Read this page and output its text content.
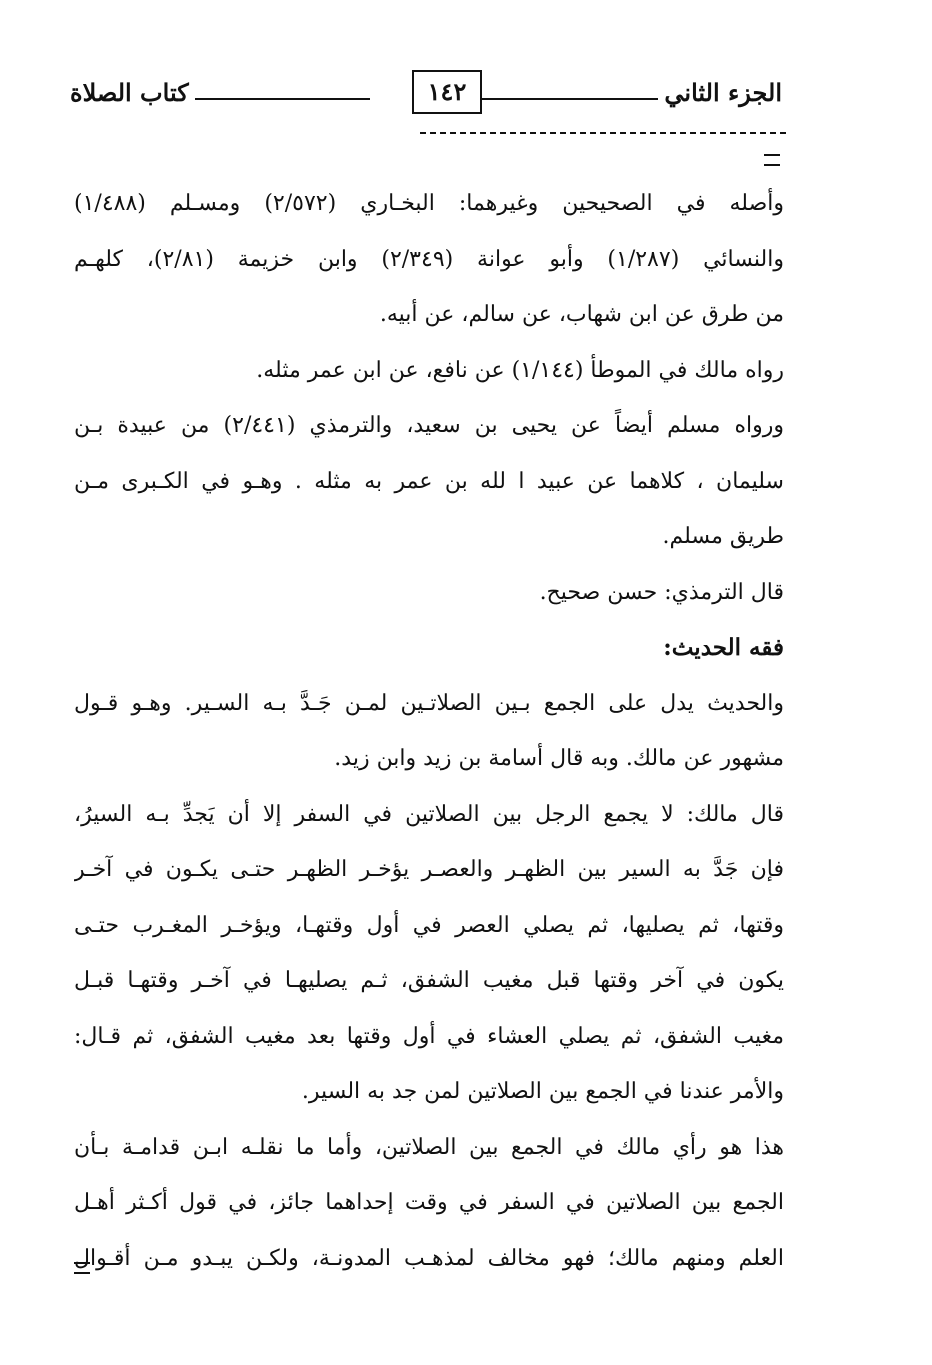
الجزء الثاني
١٤٢
كتاب الصلاة
وأصله في الصحيحين وغيرهما: البخـاري (٢/٥٧٢) ومسـلم (١/٤٨٨)
والنسائي (١/٢٨٧) وأبو عوانة (٢/٣٤٩) وابن خزيمة (٢/٨١)، كلهـم
من طرق عن ابن شهاب، عن سالم، عن أبيه.
رواه مالك في الموطأ (١/١٤٤) عن نافع، عن ابن عمر مثله.
ورواه مسلم أيضاً عن يحيى بن سعيد، والترمذي (٢/٤٤١) من عبيدة بـن
سليمان ، كلاهما عن عبيد ا لله بن عمر به مثله . وهـو في الكـبرى مـن
طريق مسلم.
قال الترمذي: حسن صحيح.
فقه الحديث:
والحديث يدل على الجمع بـين الصلاتـين لمـن جَـدَّ بـه السـير. وهـو قـول
مشهور عن مالك. وبه قال أسامة بن زيد وابن زيد.
قال مالك: لا يجمع الرجل بين الصلاتين في السفر إلا أن يَجدِّ بـه السيرُ،
فإن جَدَّ به السير بين الظهـر والعصـر يؤخـر الظهـر حتـى يكـون في آخـر
وقتها، ثم يصليها، ثم يصلي العصر في أول وقتهـا، ويؤخـر المغـرب حتـى
يكون في آخر وقتها قبل مغيب الشفق، ثـم يصليهـا في آخـر وقتهـا قبـل
مغيب الشفق، ثم يصلي العشاء في أول وقتها بعد مغيب الشفق، ثم قـال:
والأمر عندنا في الجمع بين الصلاتين لمن جد به السير.
هذا هو رأي مالك في الجمع بين الصلاتين، وأما ما نقلـه ابـن قدامـة بـأن
الجمع بين الصلاتين في السفر في وقت إحداهما جائز، في قول أكـثر أهـل
العلم ومنهم مالك؛ فهو مخالف لمذهـب المدونـة، ولكـن يبـدو مـن أقـوال
